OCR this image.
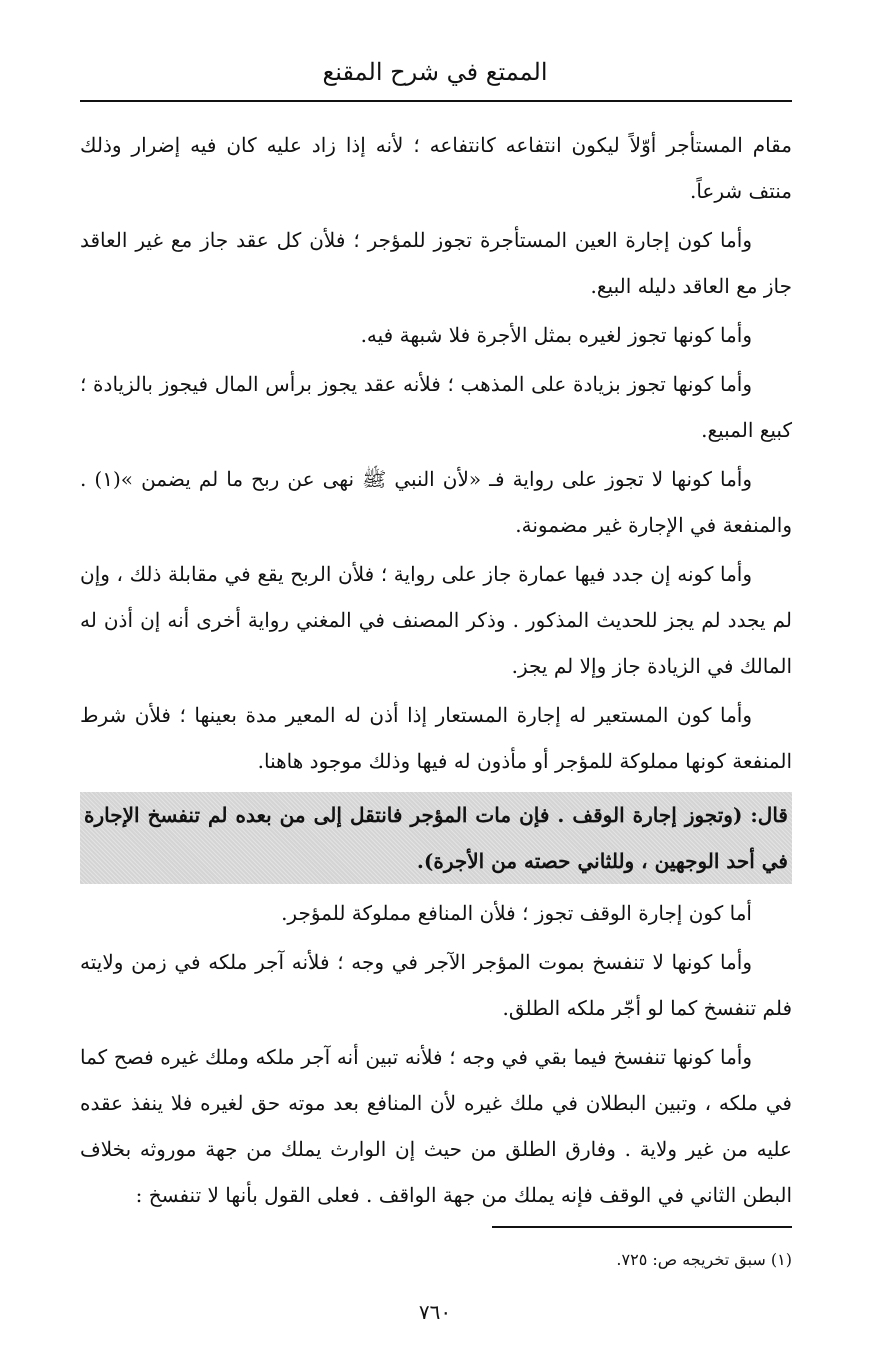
الممتع في شرح المقنع

مقام المستأجر أوّلاً ليكون انتفاعه كانتفاعه ؛ لأنه إذا زاد عليه كان فيه إضرار وذلك منتف شرعاً.

وأما كون إجارة العين المستأجرة تجوز للمؤجر ؛ فلأن كل عقد جاز مع غير العاقد جاز مع العاقد دليله البيع.

وأما كونها تجوز لغيره بمثل الأجرة فلا شبهة فيه.

وأما كونها تجوز بزيادة على المذهب ؛ فلأنه عقد يجوز برأس المال فيجوز بالزيادة ؛ كبيع المبيع.

وأما كونها لا تجوز على رواية فـ «لأن النبي ﷺ نهى عن ربح ما لم يضمن »(١) . والمنفعة في الإجارة غير مضمونة.

وأما كونه إن جدد فيها عمارة جاز على رواية ؛ فلأن الربح يقع في مقابلة ذلك ، وإن لم يجدد لم يجز للحديث المذكور . وذكر المصنف في المغني رواية أخرى أنه إن أذن له المالك في الزيادة جاز وإلا لم يجز.

وأما كون المستعير له إجارة المستعار إذا أذن له المعير مدة بعينها ؛ فلأن شرط المنفعة كونها مملوكة للمؤجر أو مأذون له فيها وذلك موجود هاهنا.

قال: (وتجوز إجارة الوقف . فإن مات المؤجر فانتقل إلى من بعده لم تنفسخ الإجارة في أحد الوجهين ، وللثاني حصته من الأجرة).

أما كون إجارة الوقف تجوز ؛ فلأن المنافع مملوكة للمؤجر.

وأما كونها لا تنفسخ بموت المؤجر الآجر في وجه ؛ فلأنه آجر ملكه في زمن ولايته فلم تنفسخ كما لو أجّر ملكه الطلق.

وأما كونها تنفسخ فيما بقي في وجه ؛ فلأنه تبين أنه آجر ملكه وملك غيره فصح كما في ملكه ، وتبين البطلان في ملك غيره لأن المنافع بعد موته حق لغيره فلا ينفذ عقده عليه من غير ولاية . وفارق الطلق من حيث إن الوارث يملك من جهة موروثه بخلاف البطن الثاني في الوقف فإنه يملك من جهة الواقف . فعلى القول بأنها لا تنفسخ :

(١) سبق تخريجه ص: ٧٢٥.
٧٦٠
